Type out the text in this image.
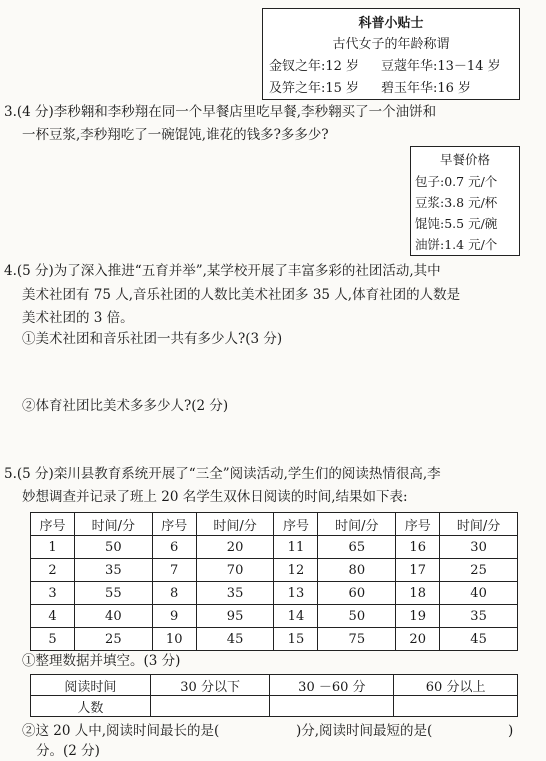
科普小贴士
古代女子的年龄称谓
金钗之年:12 岁 豆蔻年华:13－14 岁
及笄之年:15 岁 碧玉年华:16 岁
3.(4 分)李秒翱和李秒翔在同一个早餐店里吃早餐,李秒翱买了一个油饼和
一杯豆浆,李秒翔吃了一碗馄饨,谁花的钱多?多多少?
早餐价格
包子:0.7 元/个
豆浆:3.8 元/杯
馄饨:5.5 元/碗
油饼:1.4 元/个
4.(5 分)为了深入推进“五育并举”,某学校开展了丰富多彩的社团活动,其中
美术社团有 75 人,音乐社团的人数比美术社团多 35 人,体育社团的人数是
美术社团的 3 倍。
①美术社团和音乐社团一共有多少人?(3 分)
②体育社团比美术多多少人?(2 分)
5.(5 分)栾川县教育系统开展了“三全”阅读活动,学生们的阅读热情很高,李
妙想调查并记录了班上 20 名学生双休日阅读的时间,结果如下表:
序号	时间/分	序号	时间/分	序号	时间/分	序号	时间/分
1	50	6	20	11	65	16	30
2	35	7	70	12	80	17	25
3	55	8	35	13	60	18	40
4	40	9	95	14	50	19	35
5	25	10	45	15	75	20	45
①整理数据并填空。(3 分)
阅读时间	30 分以下	30 －60 分	60 分以上
人数			
②这 20 人中,阅读时间最长的是(	)分,阅读时间最短的是(	)
分。(2 分)
